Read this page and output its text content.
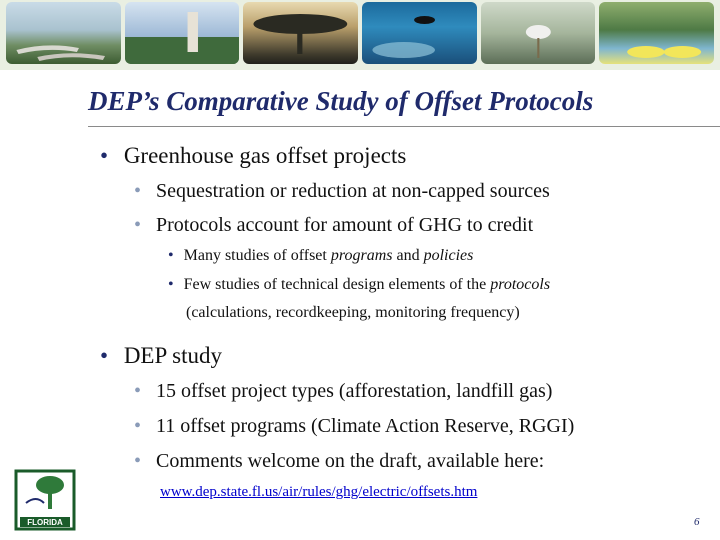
DEP’s Comparative Study of Offset Protocols
• Greenhouse gas offset projects
• Sequestration or reduction at non-capped sources
• Protocols account for amount of GHG to credit
• Many studies of offset programs and policies
• Few studies of technical design elements of the protocols
(calculations, recordkeeping, monitoring frequency)
• DEP study
• 15 offset project types (afforestation, landfill gas)
• 11 offset programs (Climate Action Reserve, RGGI)
• Comments welcome on the draft, available here:
www.dep.state.fl.us/air/rules/ghg/electric/offsets.htm
FLORIDA	6
